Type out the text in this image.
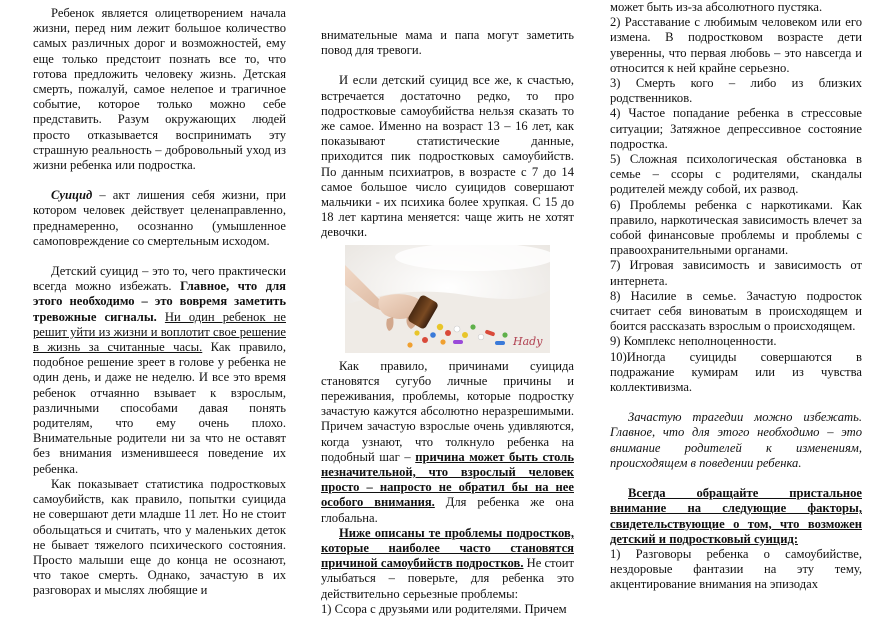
Ребенок является олицетворением начала жизни, перед ним лежит большое количество самых различных дорог и возможностей, ему еще только предстоит познать все то, что готова предложить человеку жизнь. Детская смерть, пожалуй, самое нелепое и трагичное событие, которое только можно себе представить. Разум окружающих людей просто отказывается воспринимать эту страшную реальность – добровольный уход из жизни ребенка или подростка.

Суицид – акт лишения себя жизни, при котором человек действует целенаправленно, преднамеренно, осознанно (умышленное самоповреждение со смертельным исходом.

Детский суицид – это то, чего практически всегда можно избежать. Главное, что для этого необходимо – это вовремя заметить тревожные сигналы. Ни один ребенок не решит уйти из жизни и воплотит свое решение в жизнь за считанные часы. Как правило, подобное решение зреет в голове у ребенка не один день, и даже не неделю. И все это время ребенок отчаянно взывает к взрослым, различными способами давая понять родителям, что ему очень плохо. Внимательные родители ни за что не оставят без внимания изменившееся поведение их ребенка.

Как показывает статистика подростковых самоубийств, как правило, попытки суицида не совершают дети младше 11 лет. Но не стоит обольщаться и считать, что у маленьких деток не бывает тяжелого психического состояния. Просто малыши еще до конца не осознают, что такое смерть. Однако, зачастую в их разговорах и мыслях любящие и

внимательные мама и папа могут заметить повод для тревоги.

И если детский суицид все же, к счастью, встречается достаточно редко, то про подростковые самоубийства нельзя сказать то же самое. Именно на возраст 13 – 16 лет, как показывают статистические данные, приходится пик подростковых самоубийств. По данным психиатров, в возрасте с 7 до 14 самое большое число суицидов совершают мальчики - их психика более хрупкая. С 15 до 18 лет картина меняется: чаще жить не хотят девочки.

Hady

Как правило, причинами суицида становятся сугубо личные причины и переживания, проблемы, которые подростку зачастую кажутся абсолютно неразрешимыми. Причем зачастую взрослые очень удивляются, когда узнают, что толкнуло ребенка на подобный шаг – причина может быть столь незначительной, что взрослый человек просто – напросто не обратил бы на нее особого внимания. Для ребенка же она глобальна.

Ниже описаны те проблемы подростков, которые наиболее часто становятся причиной самоубийств подростков. Не стоит улыбаться – поверьте, для ребенка это действительно серьезные проблемы:

1) Ссора с друзьями или родителями. Причем

может быть из-за абсолютного пустяка.

2) Расставание с любимым человеком или его измена. В подростковом возрасте дети уверенны, что первая любовь – это навсегда и относится к ней крайне серьезно.

3) Смерть кого – либо из близких родственников.

4) Частое попадание ребенка в стрессовые ситуации; Затяжное депрессивное состояние подростка.

5) Сложная психологическая обстановка в семье – ссоры с родителями, скандалы родителей между собой, их развод.

6) Проблемы ребенка с наркотиками. Как правило, наркотическая зависимость влечет за собой финансовые проблемы и проблемы с правоохранительными органами.

7) Игровая зависимость и зависимость от интернета.

8) Насилие в семье. Зачастую подросток считает себя виноватым в происходящем и боится рассказать взрослым о происходящем.

9) Комплекс неполноценности.

10)Иногда суициды совершаются в подражание кумирам или из чувства коллективизма.

Зачастую трагедии можно избежать. Главное, что для этого необходимо – это внимание родителей к изменениям, происходящем в поведении ребенка.

Всегда обращайте пристальное внимание на следующие факторы, свидетельствующие о том, что возможен детский и подростковый суицид:

1) Разговоры ребенка о самоубийстве, нездоровые фантазии на эту тему, акцентирование внимания на эпизодах
